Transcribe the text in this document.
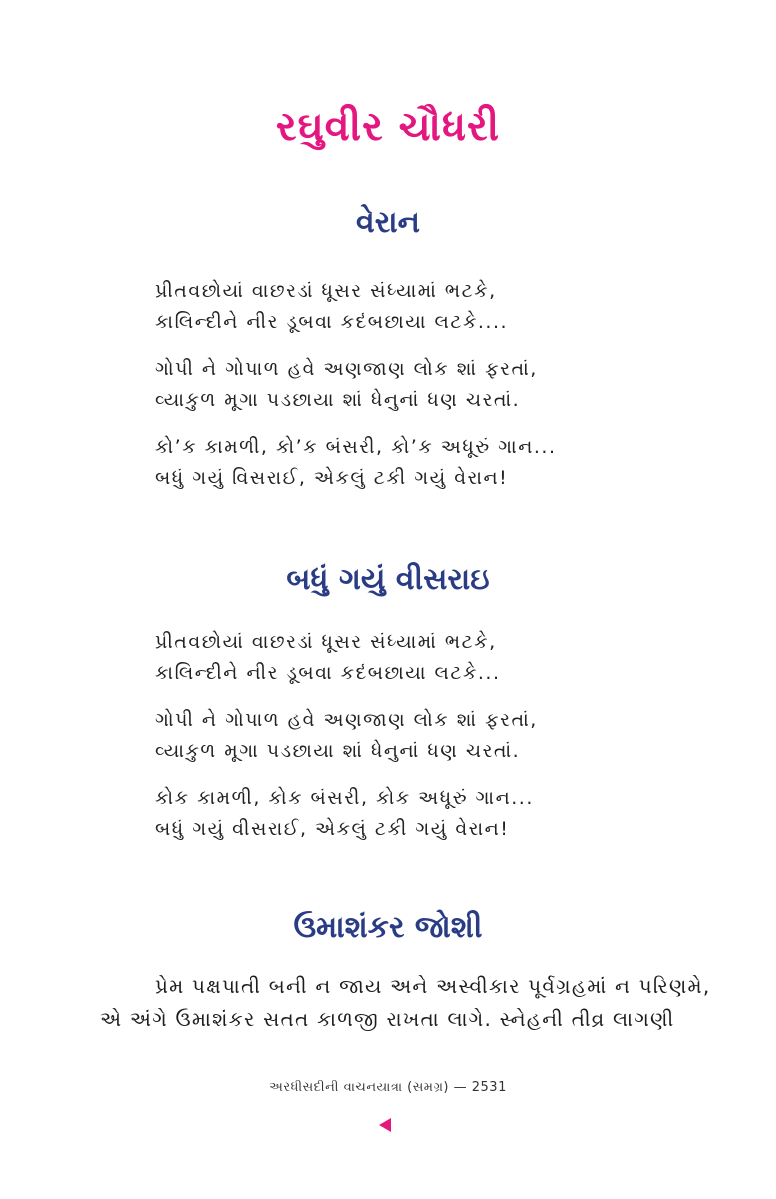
રઘુવીર ચૌધરી
વેરાન
પ્રીતવછોયાં વાછરડાં ધૂસર સંધ્યામાં ભટકે,
કાલિન્દીને નીર ડૂબવા કદંબછાયા લટકે....
ગોપી ને ગોપાળ હવે અણજાણ લોક શાં ફરતાં,
વ્યાકુળ મૂગા પડછાયા શાં ધેનુનાં ધણ ચરતાં.
કો’ક કામળી, કો’ક બંસરી, કો’ક અધૂરું ગાન...
બધું ગયું વિસરાઈ, એકલું ટકી ગયું વેરાન!
બધું ગયું વીસરાઇ
પ્રીતવછોયાં વાછરડાં ધૂસર સંધ્યામાં ભટકે,
કાલિન્દીને નીર ડૂબવા કદંબછાયા લટકે...
ગોપી ને ગોપાળ હવે અણજાણ લોક શાં ફરતાં,
વ્યાકુળ મૂગા પડછાયા શાં ધેનુનાં ધણ ચરતાં.
કોક કામળી, કોક બંસરી, કોક અધૂરું ગાન...
બધું ગયું વીસરાઈ, એકલું ટકી ગયું વેરાન!
ઉમાશંકર જોશી
પ્રેમ પક્ષપાતી બની ન જાય અને અસ્વીકાર પૂર્વગ્રહમાં ન પરિણમે,
એ અંગે ઉમાશંકર સતત કાળજી રાખતા લાગે. સ્નેહની તીવ્ર લાગણી
અરધીસદીની વાચનયાત્રા (સમગ્ર) — 2531
